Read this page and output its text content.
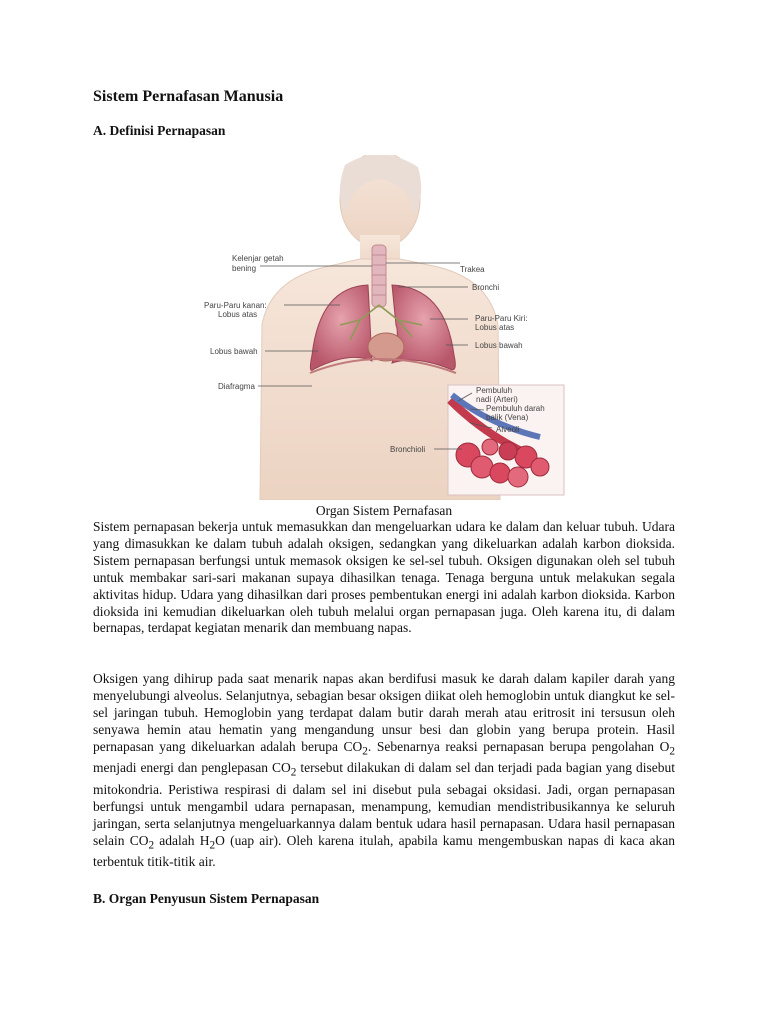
Sistem Pernafasan Manusia
A. Definisi Pernapasan
Kelenjar getah
bening
Paru-Paru kanan:
Lobus atas
Lobus bawah
Diafragma
Bronchioli
Trakea
Bronchi
Paru-Paru Kiri:
Lobus atas
Lobus bawah
Pembuluh
nadi (Arteri)
Pembuluh darah
balik (Vena)
Alveoli

Organ Sistem Pernafasan

Sistem pernapasan bekerja untuk memasukkan dan mengeluarkan udara ke dalam dan keluar tubuh. Udara yang dimasukkan ke dalam tubuh adalah oksigen, sedangkan yang dikeluarkan adalah karbon dioksida. Sistem pernapasan berfungsi untuk memasok oksigen ke sel-sel tubuh. Oksigen digunakan oleh sel tubuh untuk membakar sari-sari makanan supaya dihasilkan tenaga. Tenaga berguna untuk melakukan segala aktivitas hidup. Udara yang dihasilkan dari proses pembentukan energi ini adalah karbon dioksida. Karbon dioksida ini kemudian dikeluarkan oleh tubuh melalui organ pernapasan juga. Oleh karena itu, di dalam bernapas, terdapat kegiatan menarik dan membuang napas.

Oksigen yang dihirup pada saat menarik napas akan berdifusi masuk ke darah dalam kapiler darah yang menyelubungi alveolus. Selanjutnya, sebagian besar oksigen diikat oleh hemoglobin untuk diangkut ke sel-sel jaringan tubuh. Hemoglobin yang terdapat dalam butir darah merah atau eritrosit ini tersusun oleh senyawa hemin atau hematin yang mengandung unsur besi dan globin yang berupa protein. Hasil pernapasan yang dikeluarkan adalah berupa $CO_2$. Sebenarnya reaksi pernapasan berupa pengolahan $O_2$ menjadi energi dan penglepasan $CO_2$ tersebut dilakukan di dalam sel dan terjadi pada bagian yang disebut mitokondria. Peristiwa respirasi di dalam sel ini disebut pula sebagai oksidasi. Jadi, organ pernapasan berfungsi untuk mengambil udara pernapasan, menampung, kemudian mendistribusikannya ke seluruh jaringan, serta selanjutnya mengeluarkannya dalam bentuk udara hasil pernapasan. Udara hasil pernapasan selain $CO_2$ adalah $H_2O$ (uap air). Oleh karena itulah, apabila kamu mengembuskan napas di kaca akan terbentuk titik-titik air.

B. Organ Penyusun Sistem Pernapasan
